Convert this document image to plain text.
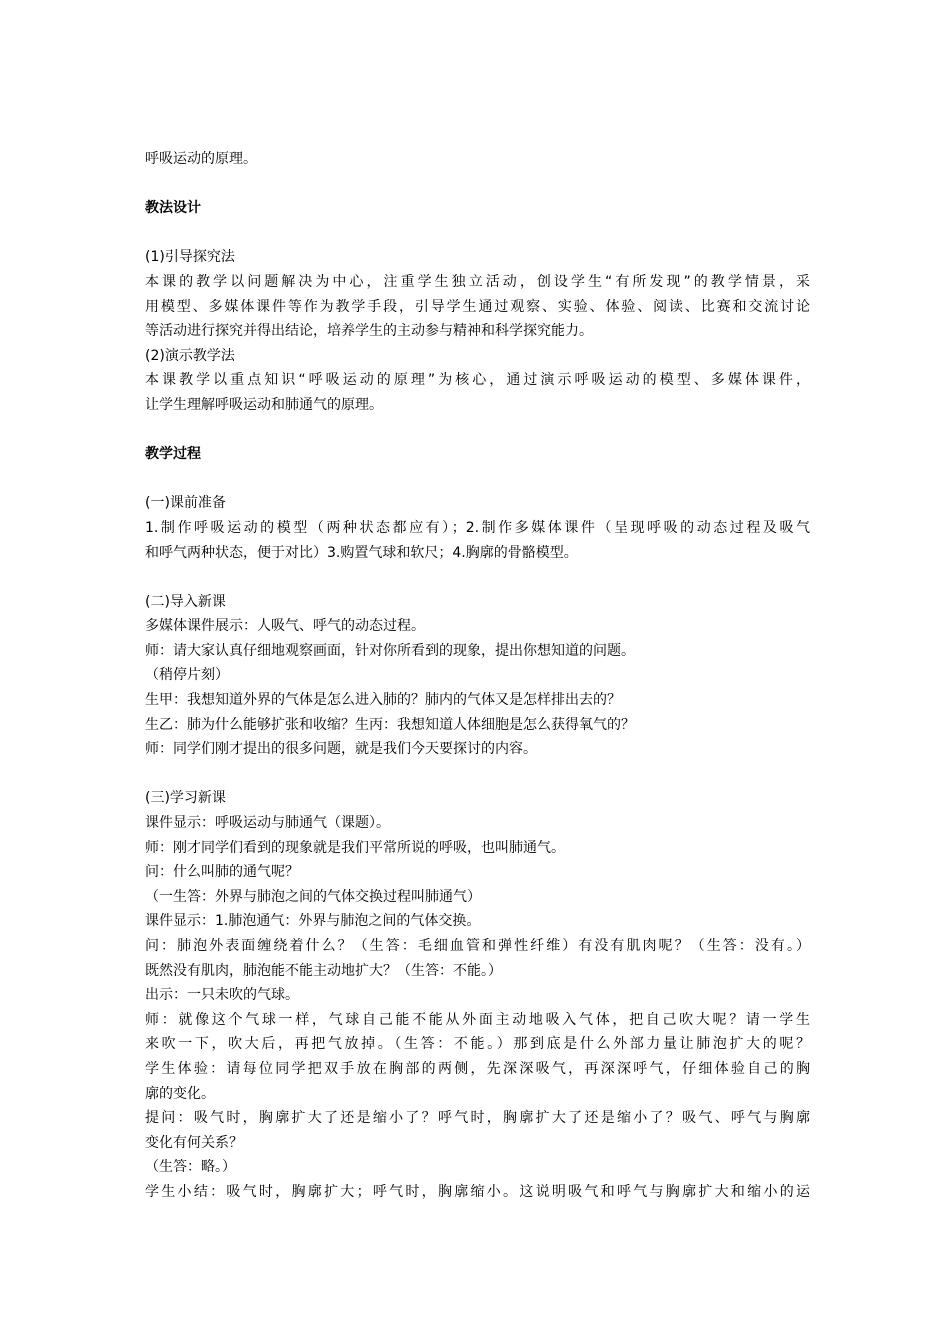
呼吸运动的原理。
教法设计
(1)引导探究法
本课的教学以问题解决为中心，注重学生独立活动，创设学生“有所发现”的教学情景，采
用模型、多媒体课件等作为教学手段，引导学生通过观察、实验、体验、阅读、比赛和交流讨论
等活动进行探究并得出结论，培养学生的主动参与精神和科学探究能力。
(2)演示教学法
本课教学以重点知识“呼吸运动的原理”为核心，通过演示呼吸运动的模型、多媒体课件，
让学生理解呼吸运动和肺通气的原理。
教学过程
(一)课前准备
1.制作呼吸运动的模型（两种状态都应有）；2.制作多媒体课件（呈现呼吸的动态过程及吸气
和呼气两种状态，便于对比）3.购置气球和软尺；4.胸廓的骨骼模型。
(二)导入新课
多媒体课件展示：人吸气、呼气的动态过程。
师：请大家认真仔细地观察画面，针对你所看到的现象，提出你想知道的问题。
（稍停片刻）
生甲：我想知道外界的气体是怎么进入肺的？肺内的气体又是怎样排出去的？
生乙：肺为什么能够扩张和收缩？生丙：我想知道人体细胞是怎么获得氧气的？
师：同学们刚才提出的很多问题，就是我们今天要探讨的内容。
(三)学习新课
课件显示：呼吸运动与肺通气（课题）。
师：刚才同学们看到的现象就是我们平常所说的呼吸，也叫肺通气。
问：什么叫肺的通气呢？
（一生答：外界与肺泡之间的气体交换过程叫肺通气）
课件显示：1.肺泡通气：外界与肺泡之间的气体交换。
问：肺泡外表面缠绕着什么？（生答：毛细血管和弹性纤维）有没有肌肉呢？（生答：没有。）
既然没有肌肉，肺泡能不能主动地扩大？（生答：不能。）
出示：一只未吹的气球。
师：就像这个气球一样，气球自己能不能从外面主动地吸入气体，把自己吹大呢？请一学生
来吹一下，吹大后，再把气放掉。（生答：不能。）那到底是什么外部力量让肺泡扩大的呢？
学生体验：请每位同学把双手放在胸部的两侧，先深深吸气，再深深呼气，仔细体验自己的胸
廓的变化。
提问：吸气时，胸廓扩大了还是缩小了？呼气时，胸廓扩大了还是缩小了？吸气、呼气与胸廓
变化有何关系？
（生答：略。）
学生小结：吸气时，胸廓扩大；呼气时，胸廓缩小。这说明吸气和呼气与胸廓扩大和缩小的运
